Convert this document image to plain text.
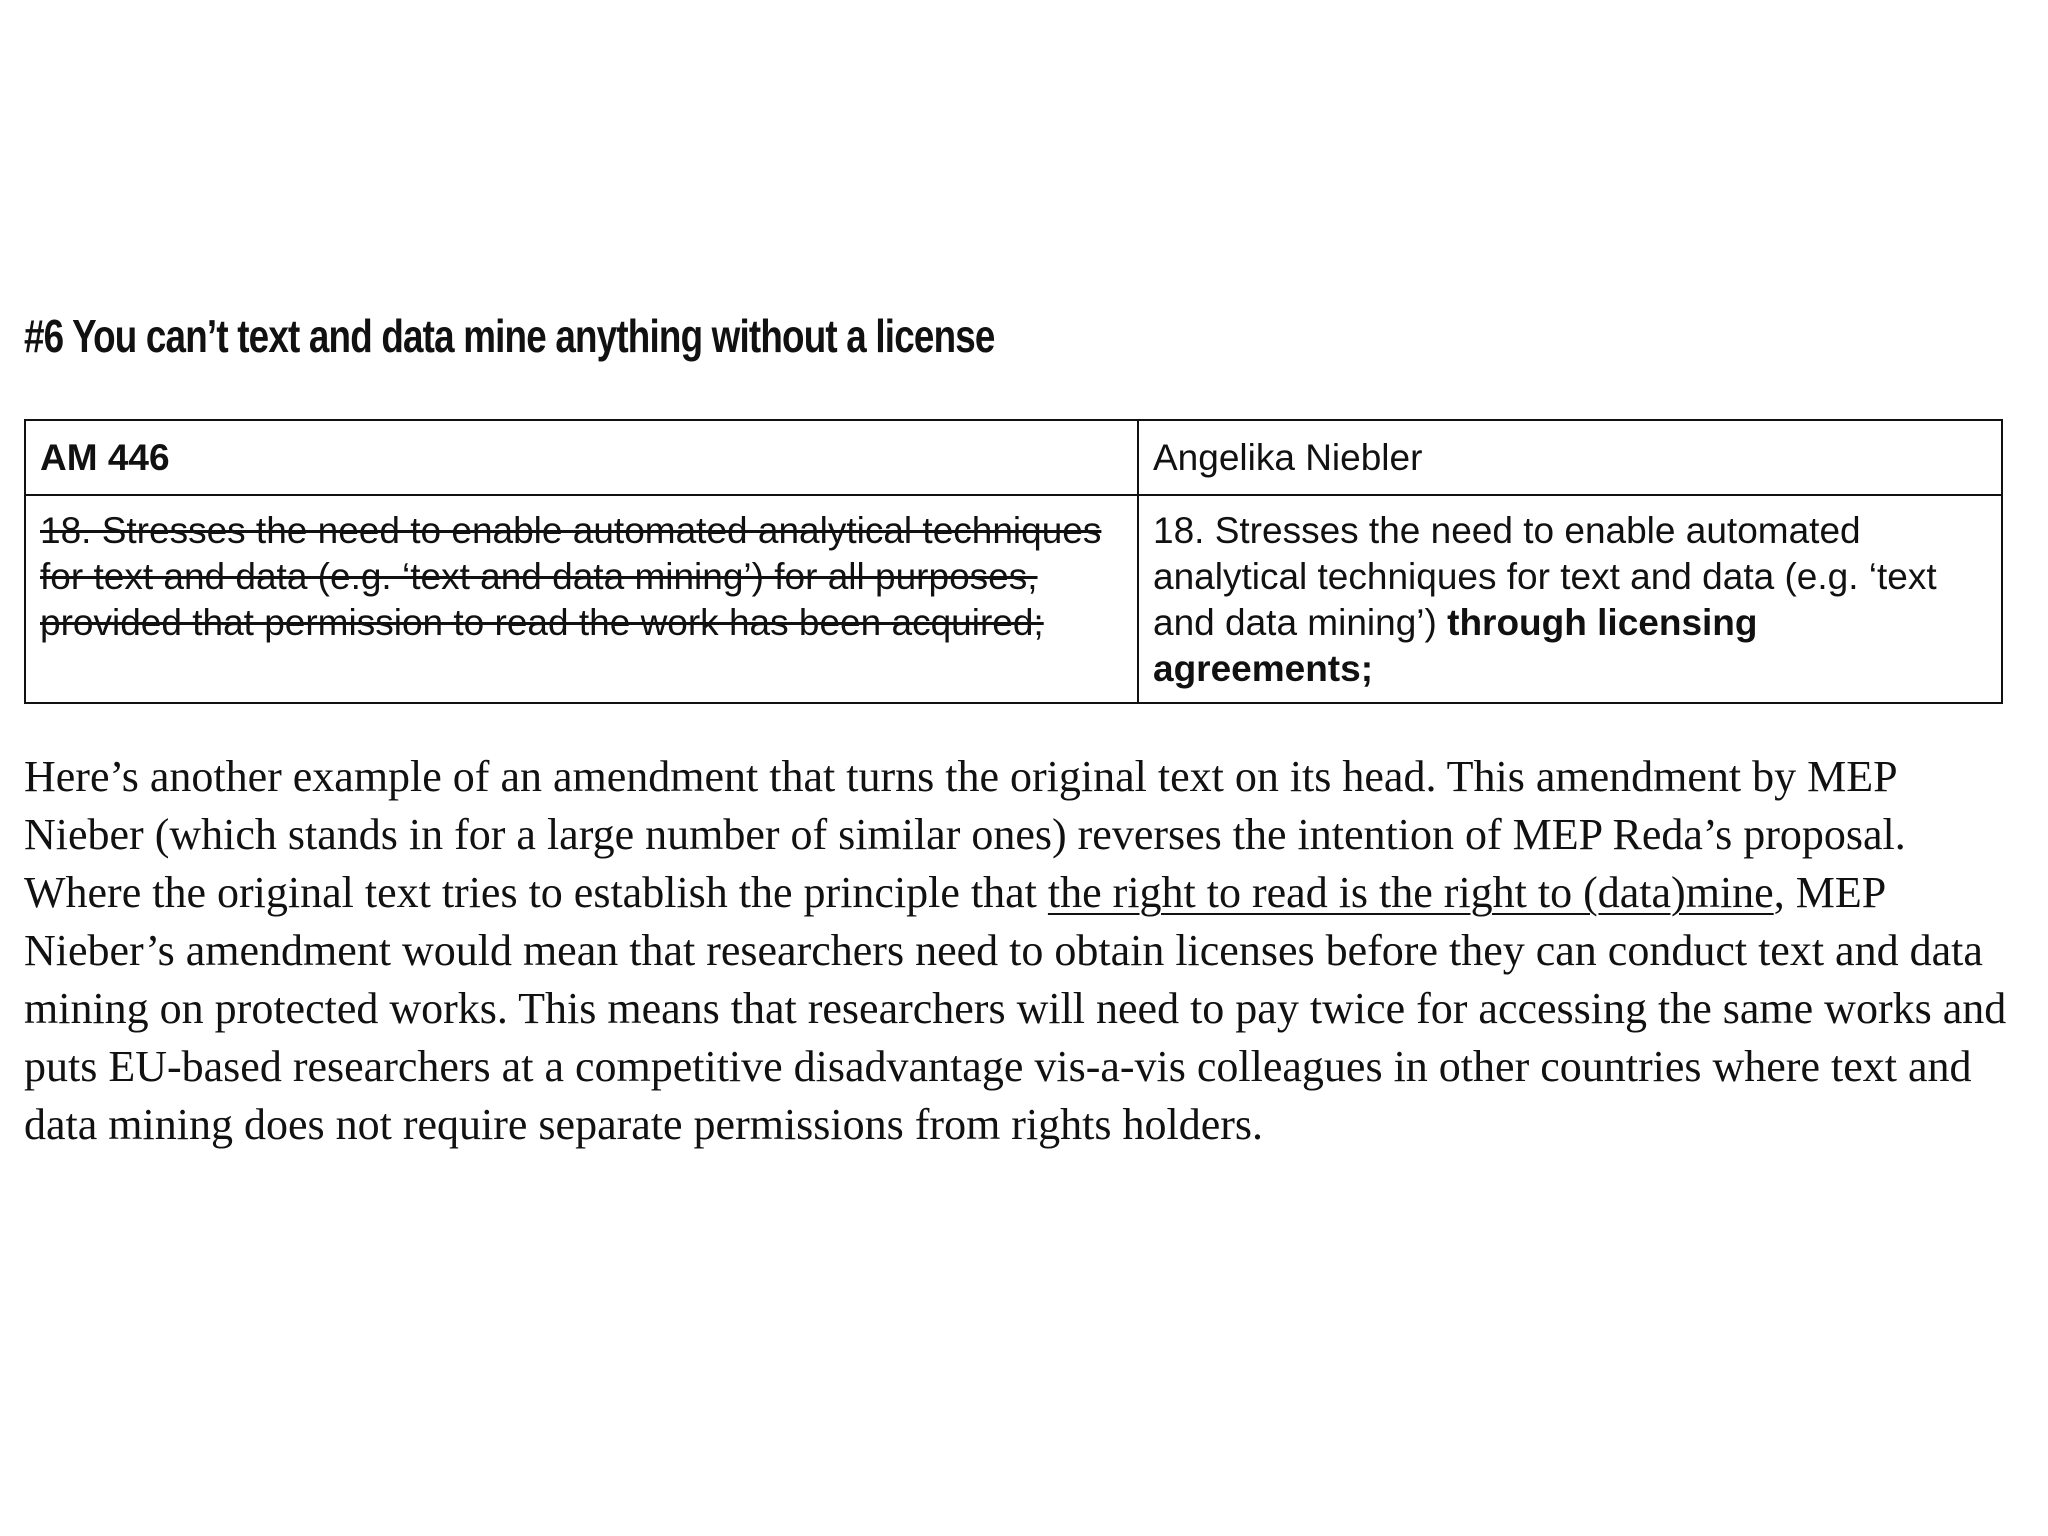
#6 You can’t text and data mine anything without a license
AM 446	Angelika Niebler
18. Stresses the need to enable automated analytical techniques for text and data (e.g. ‘text and data mining’) for all purposes, provided that permission to read the work has been acquired;	18. Stresses the need to enable automated analytical techniques for text and data (e.g. ‘text and data mining’) through licensing agreements;

Here’s another example of an amendment that turns the original text on its head. This amendment by MEP Nieber (which stands in for a large number of similar ones) reverses the intention of MEP Reda’s proposal. Where the original text tries to establish the principle that the right to read is the right to (data)mine, MEP Nieber’s amendment would mean that researchers need to obtain licenses before they can conduct text and data mining on protected works. This means that researchers will need to pay twice for accessing the same works and puts EU-based researchers at a competitive disadvantage vis-a-vis colleagues in other countries where text and data mining does not require separate permissions from rights holders.
